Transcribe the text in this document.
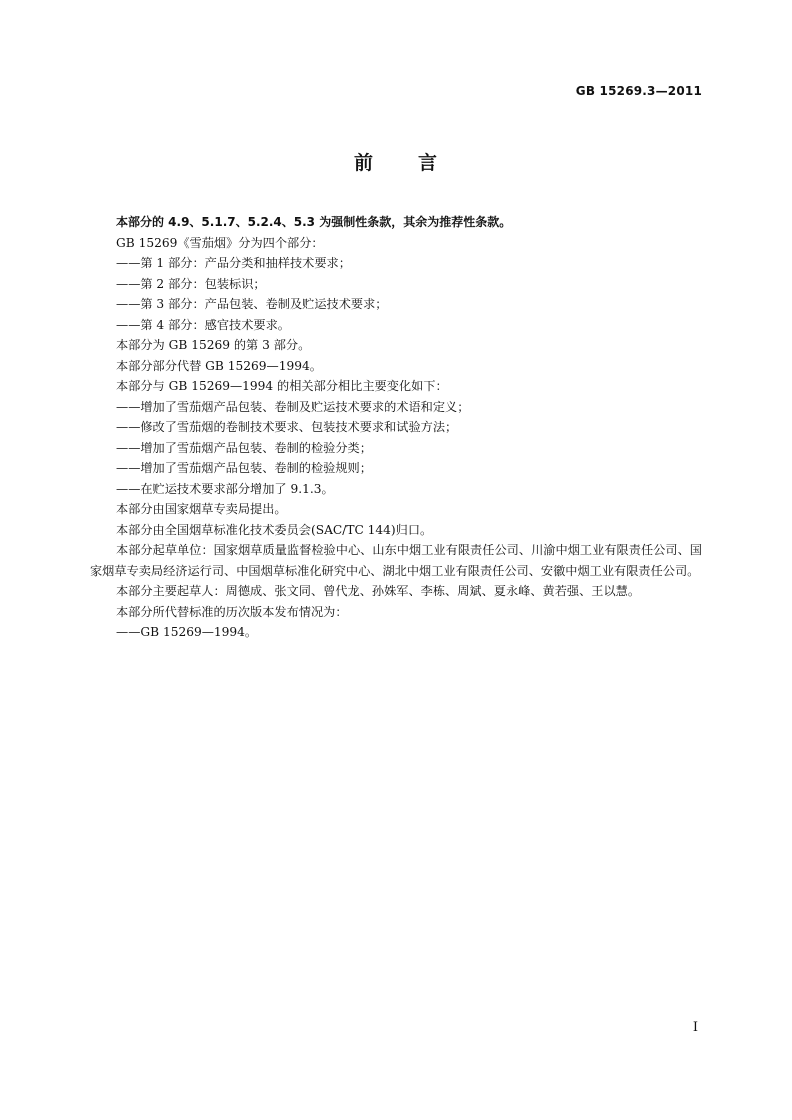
GB 15269.3—2011
前 言

本部分的 4.9、5.1.7、5.2.4、5.3 为强制性条款，其余为推荐性条款。

GB 15269《雪茄烟》分为四个部分：

——第 1 部分：产品分类和抽样技术要求；

——第 2 部分：包装标识；

——第 3 部分：产品包装、卷制及贮运技术要求；

——第 4 部分：感官技术要求。

本部分为 GB 15269 的第 3 部分。

本部分部分代替 GB 15269—1994。

本部分与 GB 15269—1994 的相关部分相比主要变化如下：

——增加了雪茄烟产品包装、卷制及贮运技术要求的术语和定义；

——修改了雪茄烟的卷制技术要求、包装技术要求和试验方法；

——增加了雪茄烟产品包装、卷制的检验分类；

——增加了雪茄烟产品包装、卷制的检验规则；

——在贮运技术要求部分增加了 9.1.3。

本部分由国家烟草专卖局提出。

本部分由全国烟草标准化技术委员会(SAC/TC 144)归口。

本部分起草单位：国家烟草质量监督检验中心、山东中烟工业有限责任公司、川渝中烟工业有限责任公司、国家烟草专卖局经济运行司、中国烟草标准化研究中心、湖北中烟工业有限责任公司、安徽中烟工业有限责任公司。

本部分主要起草人：周德成、张文同、曾代龙、孙姝军、李栋、周斌、夏永峰、黄若强、王以慧。

本部分所代替标准的历次版本发布情况为：

——GB 15269—1994。

I
